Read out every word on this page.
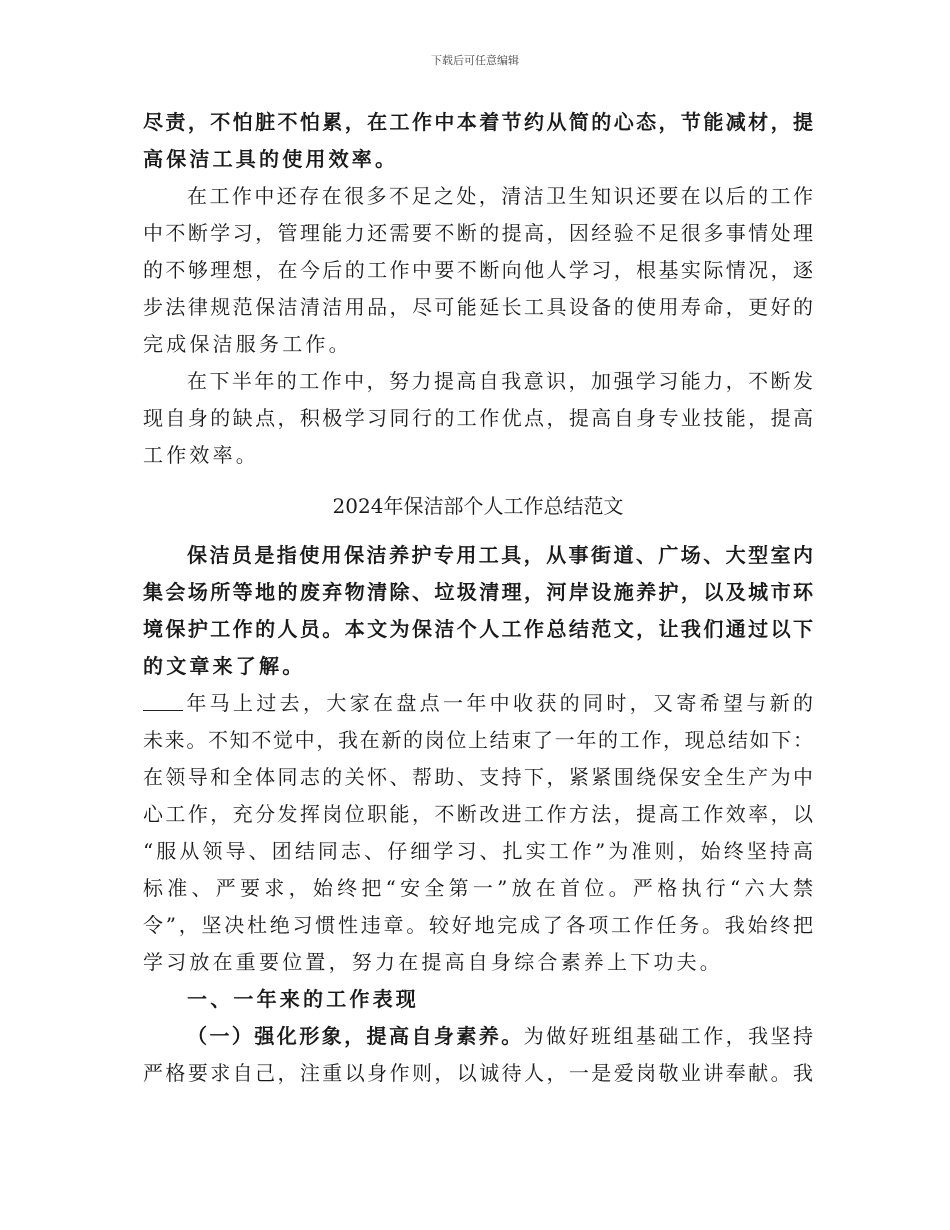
下载后可任意编辑
尽责，不怕脏不怕累，在工作中本着节约从简的心态，节能减材，提
高保洁工具的使用效率。
在工作中还存在很多不足之处，清洁卫生知识还要在以后的工作
中不断学习，管理能力还需要不断的提高，因经验不足很多事情处理
的不够理想，在今后的工作中要不断向他人学习，根基实际情况，逐
步法律规范保洁清洁用品，尽可能延长工具设备的使用寿命，更好的
完成保洁服务工作。
在下半年的工作中，努力提高自我意识，加强学习能力，不断发
现自身的缺点，积极学习同行的工作优点，提高自身专业技能，提高
工作效率。
2024年保洁部个人工作总结范文
保洁员是指使用保洁养护专用工具，从事街道、广场、大型室内
集会场所等地的废弃物清除、垃圾清理，河岸设施养护，以及城市环
境保护工作的人员。本文为保洁个人工作总结范文，让我们通过以下
的文章来了解。
年马上过去，大家在盘点一年中收获的同时，又寄希望与新的
未来。不知不觉中，我在新的岗位上结束了一年的工作，现总结如下：
在领导和全体同志的关怀、帮助、支持下，紧紧围绕保安全生产为中
心工作，充分发挥岗位职能，不断改进工作方法，提高工作效率，以
“服从领导、团结同志、仔细学习、扎实工作”为准则，始终坚持高
标准、严要求，始终把“安全第一”放在首位。严格执行“六大禁
令”，坚决杜绝习惯性违章。较好地完成了各项工作任务。我始终把
学习放在重要位置，努力在提高自身综合素养上下功夫。
一、一年来的工作表现
（一）强化形象，提高自身素养。为做好班组基础工作，我坚持
严格要求自己，注重以身作则，以诚待人，一是爱岗敬业讲奉献。我
